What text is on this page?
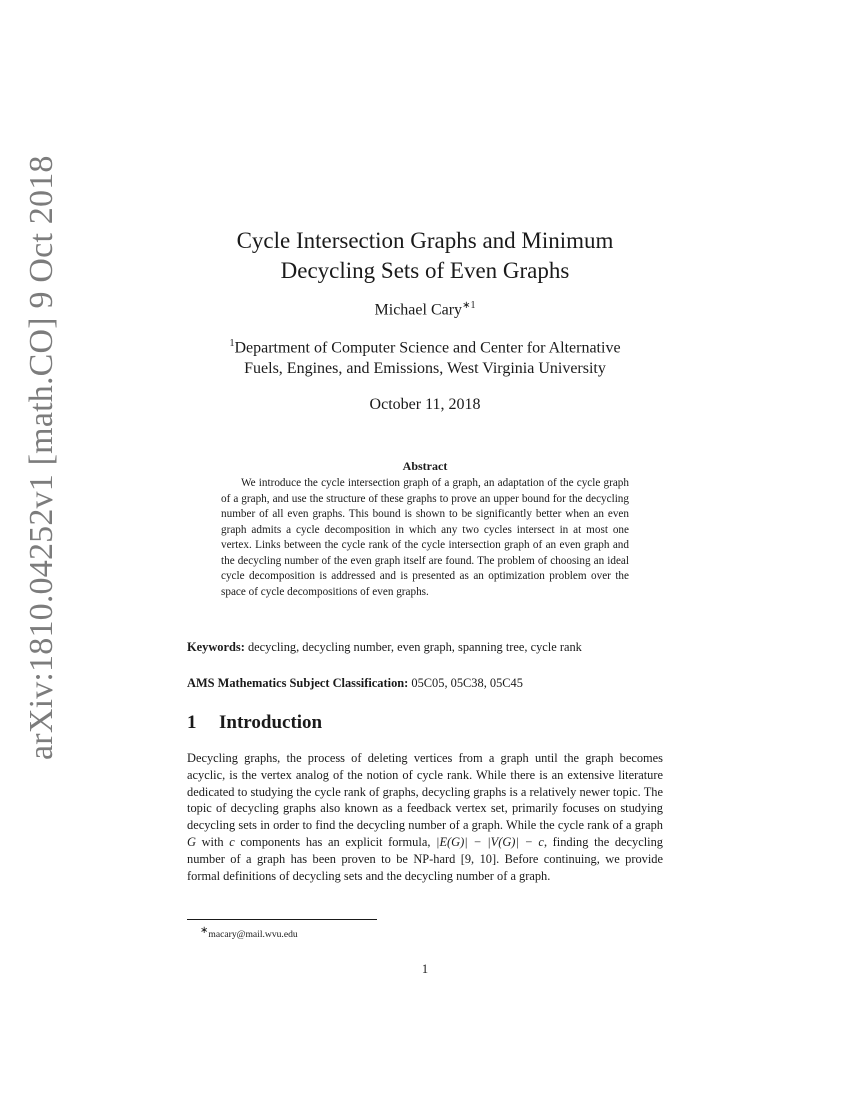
arXiv:1810.04252v1 [math.CO] 9 Oct 2018	Cycle Intersection Graphs and Minimum
Decycling Sets of Even Graphs
Michael Cary$^{∗1}$
$^1$Department of Computer Science and Center for Alternative
Fuels, Engines, and Emissions, West Virginia University
October 11, 2018
Abstract
We introduce the cycle intersection graph of a graph, an adaptation of the cycle graph of a graph, and use the structure of these graphs to prove an upper bound for the decycling number of all even graphs. This bound is shown to be significantly better when an even graph admits a cycle decomposition in which any two cycles intersect in at most one vertex. Links between the cycle rank of the cycle intersection graph of an even graph and the decycling number of the even graph itself are found. The problem of choosing an ideal cycle decomposition is addressed and is presented as an optimization problem over the space of cycle decompositions of even graphs.
Keywords: decycling, decycling number, even graph, spanning tree, cycle rank
AMS Mathematics Subject Classification: 05C05, 05C38, 05C45
1 Introduction

Decycling graphs, the process of deleting vertices from a graph until the graph becomes acyclic, is the vertex analog of the notion of cycle rank. While there is an extensive literature dedicated to studying the cycle rank of graphs, decycling graphs is a relatively newer topic. The topic of decycling graphs also known as a feedback vertex set, primarily focuses on studying decycling sets in order to find the decycling number of a graph. While the cycle rank of a graph G with c components has an explicit formula, |E(G)| − |V(G)| − c, finding the decycling number of a graph has been proven to be NP-hard [9, 10]. Before continuing, we provide formal definitions of decycling sets and the decycling number of a graph.

∗macary@mail.wvu.edu
1
